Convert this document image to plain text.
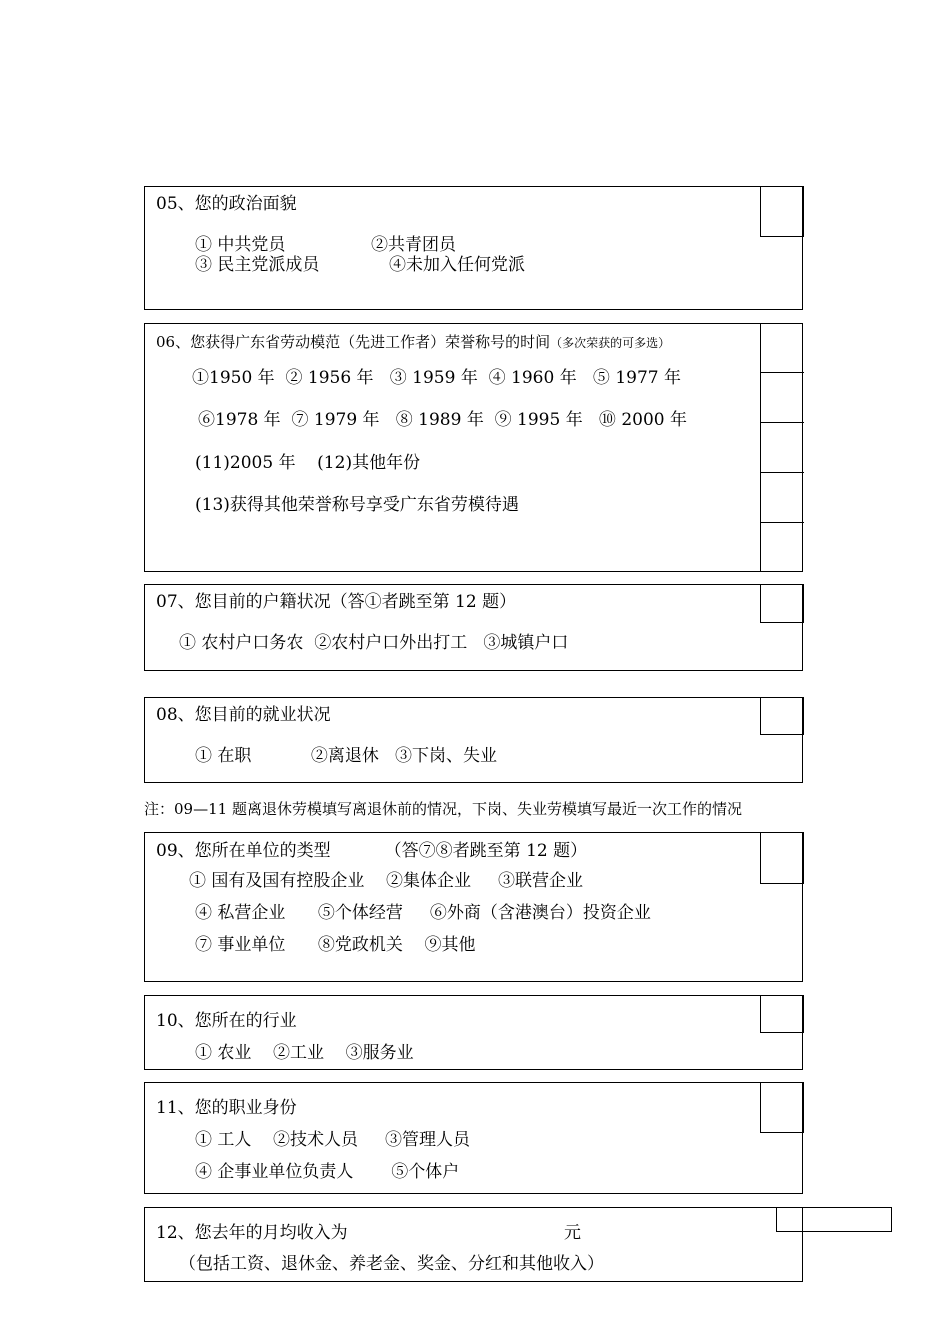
05、您的政治面貌
① 中共党员	②共青团员
③ 民主党派成员	④未加入任何党派
06、您获得广东省劳动模范（先进工作者）荣誉称号的时间（多次荣获的可多选）
①1950 年  ② 1956 年   ③ 1959 年  ④ 1960 年   ⑤ 1977 年
⑥1978 年  ⑦ 1979 年   ⑧ 1989 年  ⑨ 1995 年   ⑩ 2000 年
(11)2005 年    (12)其他年份
(13)获得其他荣誉称号享受广东省劳模待遇
07、您目前的户籍状况（答①者跳至第 12 题）
① 农村户口务农  ②农村户口外出打工   ③城镇户口
08、您目前的就业状况
① 在职           ②离退休   ③下岗、失业
注：09—11 题离退休劳模填写离退休前的情况，下岗、失业劳模填写最近一次工作的情况
09、您所在单位的类型          （答⑦⑧者跳至第 12 题）
① 国有及国有控股企业    ②集体企业     ③联营企业
④ 私营企业      ⑤个体经营     ⑥外商（含港澳台）投资企业
⑦ 事业单位      ⑧党政机关    ⑨其他
10、您所在的行业
① 农业    ②工业    ③服务业
11、您的职业身份
① 工人    ②技术人员     ③管理人员
④ 企事业单位负责人       ⑤个体户
12、您去年的月均收入为	元
（包括工资、退休金、养老金、奖金、分红和其他收入）
